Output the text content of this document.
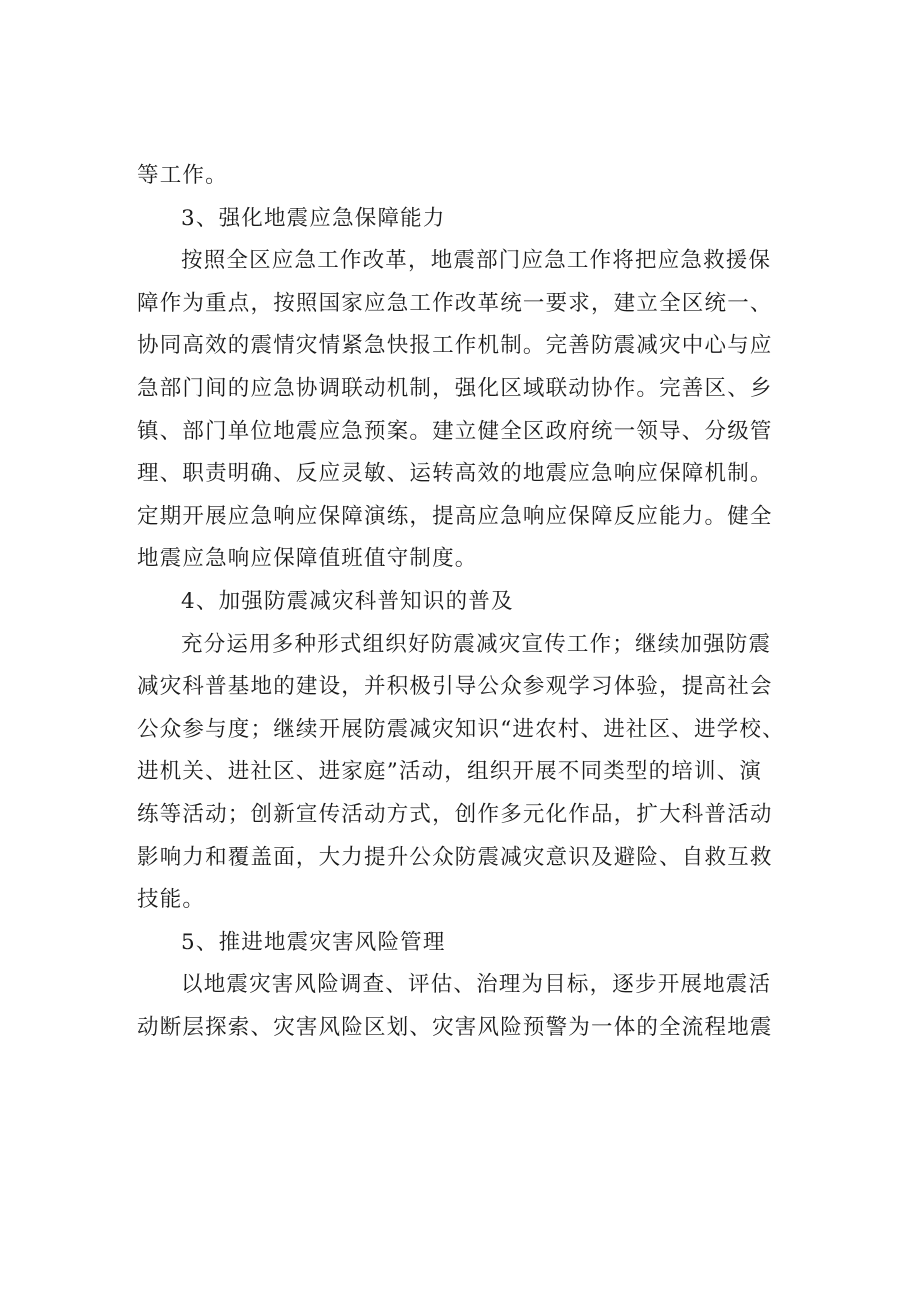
等工作。
3、强化地震应急保障能力
按照全区应急工作改革，地震部门应急工作将把应急救援保
障作为重点，按照国家应急工作改革统一要求，建立全区统一、
协同高效的震情灾情紧急快报工作机制。完善防震减灾中心与应
急部门间的应急协调联动机制，强化区域联动协作。完善区、乡
镇、部门单位地震应急预案。建立健全区政府统一领导、分级管
理、职责明确、反应灵敏、运转高效的地震应急响应保障机制。
定期开展应急响应保障演练，提高应急响应保障反应能力。健全
地震应急响应保障值班值守制度。
4、加强防震减灾科普知识的普及
充分运用多种形式组织好防震减灾宣传工作；继续加强防震
减灾科普基地的建设，并积极引导公众参观学习体验，提高社会
公众参与度；继续开展防震减灾知识“进农村、进社区、进学校、
进机关、进社区、进家庭”活动，组织开展不同类型的培训、演
练等活动；创新宣传活动方式，创作多元化作品，扩大科普活动
影响力和覆盖面，大力提升公众防震减灾意识及避险、自救互救
技能。
5、推进地震灾害风险管理
以地震灾害风险调查、评估、治理为目标，逐步开展地震活
动断层探索、灾害风险区划、灾害风险预警为一体的全流程地震
